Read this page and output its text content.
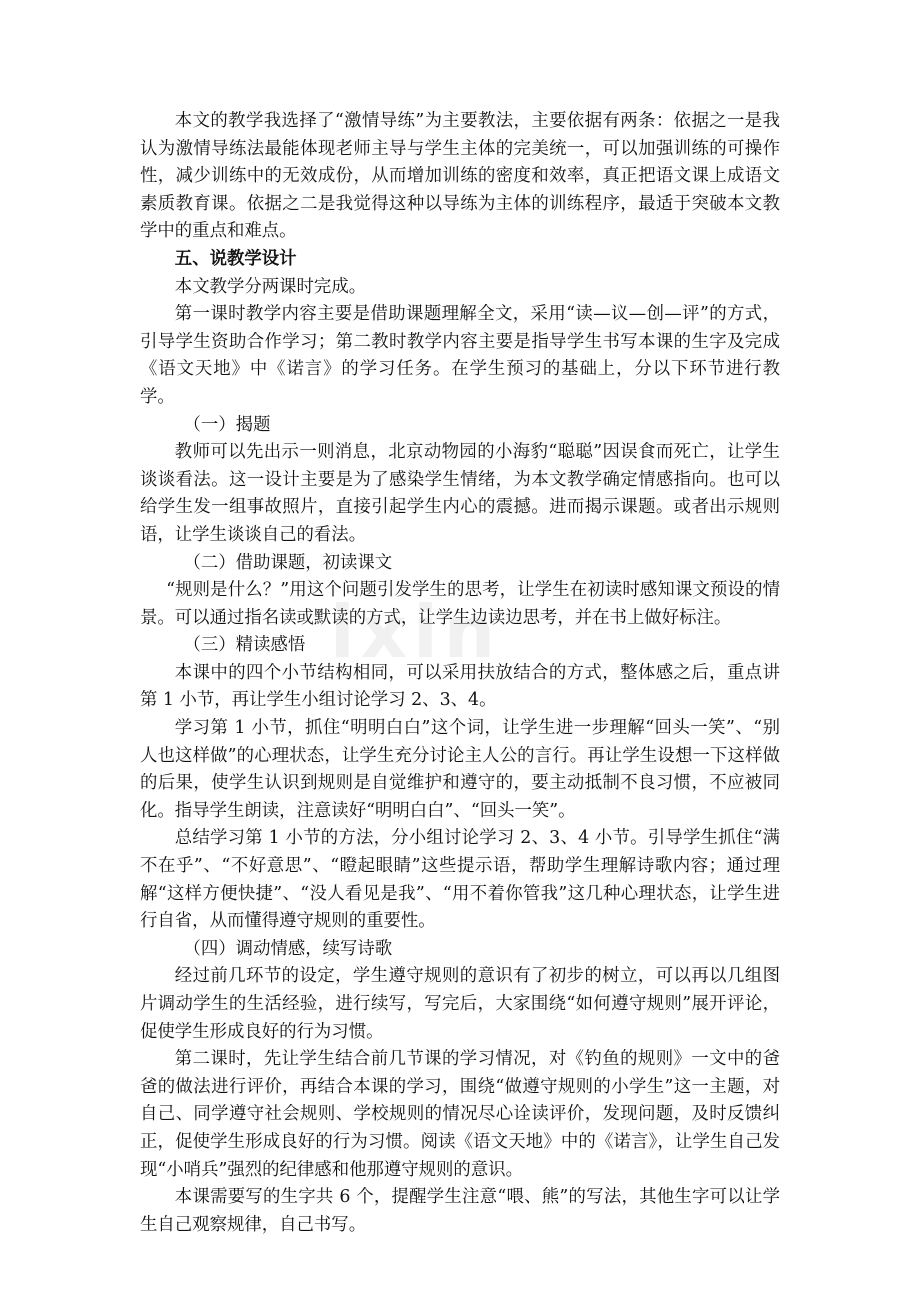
ixin

本文的教学我选择了“激情导练”为主要教法，主要依据有两条：依据之一是我认为激情导练法最能体现老师主导与学生主体的完美统一，可以加强训练的可操作性，减少训练中的无效成份，从而增加训练的密度和效率，真正把语文课上成语文素质教育课。依据之二是我觉得这种以导练为主体的训练程序，最适于突破本文教学中的重点和难点。

五、说教学设计

本文教学分两课时完成。

第一课时教学内容主要是借助课题理解全文，采用“读—议—创—评”的方式，引导学生资助合作学习；第二教时教学内容主要是指导学生书写本课的生字及完成《语文天地》中《诺言》的学习任务。在学生预习的基础上，分以下环节进行教学。

（一）揭题

教师可以先出示一则消息，北京动物园的小海豹“聪聪”因误食而死亡，让学生谈谈看法。这一设计主要是为了感染学生情绪，为本文教学确定情感指向。也可以给学生发一组事故照片，直接引起学生内心的震撼。进而揭示课题。或者出示规则语，让学生谈谈自己的看法。

（二）借助课题，初读课文

“规则是什么？”用这个问题引发学生的思考，让学生在初读时感知课文预设的情景。可以通过指名读或默读的方式，让学生边读边思考，并在书上做好标注。

（三）精读感悟

本课中的四个小节结构相同，可以采用扶放结合的方式，整体感之后，重点讲第 1 小节，再让学生小组讨论学习 2、3、4。

学习第 1 小节，抓住“明明白白”这个词，让学生进一步理解“回头一笑”、“别人也这样做”的心理状态，让学生充分讨论主人公的言行。再让学生设想一下这样做的后果，使学生认识到规则是自觉维护和遵守的，要主动抵制不良习惯，不应被同化。指导学生朗读，注意读好“明明白白”、“回头一笑”。

总结学习第 1 小节的方法，分小组讨论学习 2、3、4 小节。引导学生抓住“满不在乎”、“不好意思”、“瞪起眼睛”这些提示语，帮助学生理解诗歌内容；通过理解“这样方便快捷”、“没人看见是我”、“用不着你管我”这几种心理状态，让学生进行自省，从而懂得遵守规则的重要性。

（四）调动情感，续写诗歌

经过前几环节的设定，学生遵守规则的意识有了初步的树立，可以再以几组图片调动学生的生活经验，进行续写，写完后，大家围绕“如何遵守规则”展开评论，促使学生形成良好的行为习惯。

第二课时，先让学生结合前几节课的学习情况，对《钓鱼的规则》一文中的爸爸的做法进行评价，再结合本课的学习，围绕“做遵守规则的小学生”这一主题，对自己、同学遵守社会规则、学校规则的情况尽心诠读评价，发现问题，及时反馈纠正，促使学生形成良好的行为习惯。阅读《语文天地》中的《诺言》，让学生自己发现“小哨兵”强烈的纪律感和他那遵守规则的意识。

本课需要写的生字共 6 个，提醒学生注意“喂、熊”的写法，其他生字可以让学生自己观察规律，自己书写。
